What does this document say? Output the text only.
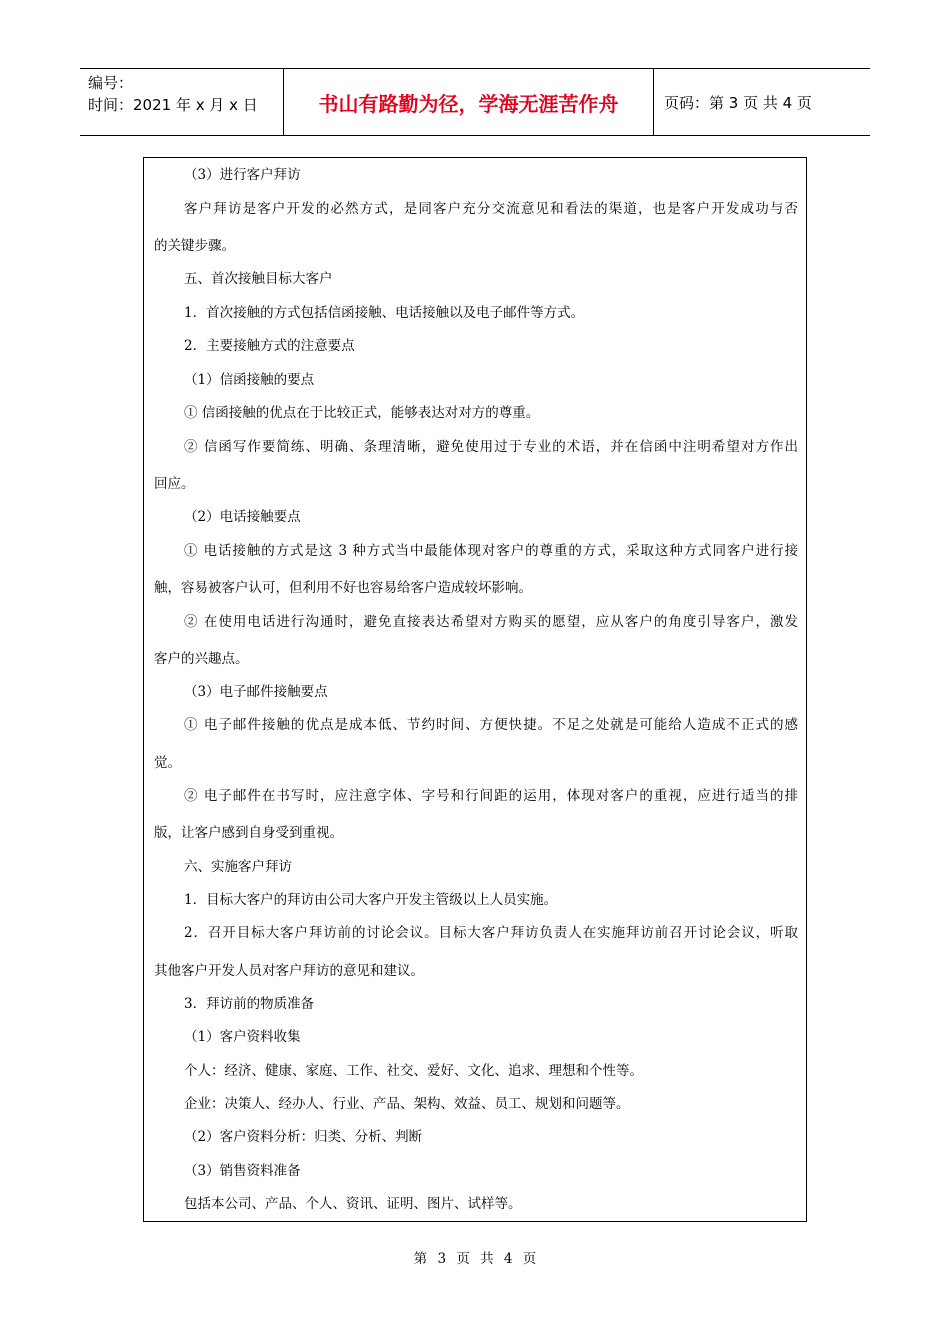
编号：
时间：2021 年 x 月 x 日	书山有路勤为径，学海无涯苦作舟	页码：第 3 页 共 4 页
（3）进行客户拜访
客户拜访是客户开发的必然方式，是同客户充分交流意见和看法的渠道，也是客户开发成功与否
的关键步骤。
五、首次接触目标大客户
1．首次接触的方式包括信函接触、电话接触以及电子邮件等方式。
2．主要接触方式的注意要点
（1）信函接触的要点
① 信函接触的优点在于比较正式，能够表达对对方的尊重。
② 信函写作要简练、明确、条理清晰，避免使用过于专业的术语，并在信函中注明希望对方作出
回应。
（2）电话接触要点
① 电话接触的方式是这 3 种方式当中最能体现对客户的尊重的方式，采取这种方式同客户进行接
触，容易被客户认可，但利用不好也容易给客户造成较坏影响。
② 在使用电话进行沟通时，避免直接表达希望对方购买的愿望，应从客户的角度引导客户，激发
客户的兴趣点。
（3）电子邮件接触要点
① 电子邮件接触的优点是成本低、节约时间、方便快捷。不足之处就是可能给人造成不正式的感
觉。
② 电子邮件在书写时，应注意字体、字号和行间距的运用，体现对客户的重视，应进行适当的排
版，让客户感到自身受到重视。
六、实施客户拜访
1．目标大客户的拜访由公司大客户开发主管级以上人员实施。
2．召开目标大客户拜访前的讨论会议。目标大客户拜访负责人在实施拜访前召开讨论会议，听取
其他客户开发人员对客户拜访的意见和建议。
3．拜访前的物质准备
（1）客户资料收集
个人：经济、健康、家庭、工作、社交、爱好、文化、追求、理想和个性等。
企业：决策人、经办人、行业、产品、架构、效益、员工、规划和问题等。
（2）客户资料分析：归类、分析、判断
（3）销售资料准备
包括本公司、产品、个人、资讯、证明、图片、试样等。
第 3 页 共 4 页
